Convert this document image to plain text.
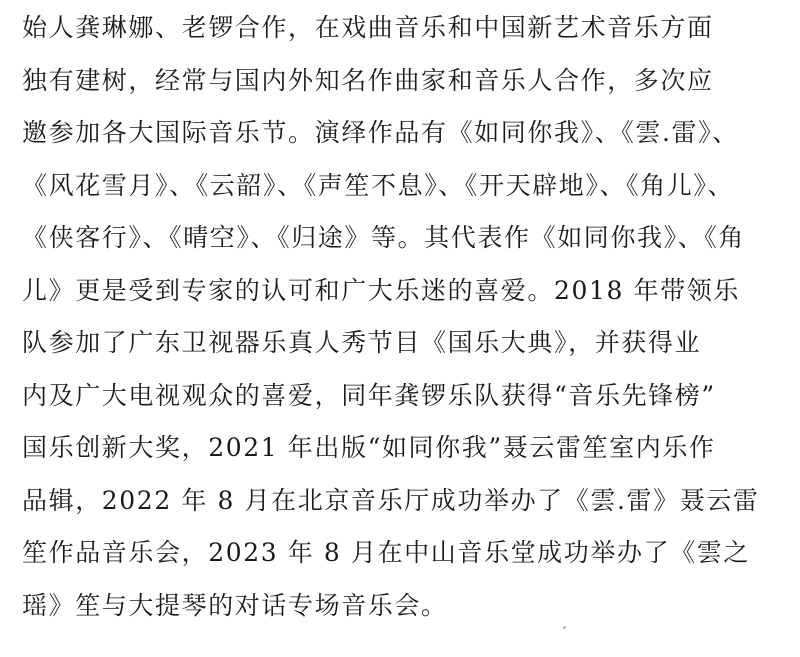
始人龚琳娜、老锣合作，在戏曲音乐和中国新艺术音乐方面
独有建树，经常与国内外知名作曲家和音乐人合作，多次应
邀参加各大国际音乐节。演绎作品有《如同你我》、《雲.雷》、
《风花雪月》、《云韶》、《声笙不息》、《开天辟地》、《角儿》、
《侠客行》、《晴空》、《归途》等。其代表作《如同你我》、《角
儿》更是受到专家的认可和广大乐迷的喜爱。2018 年带领乐
队参加了广东卫视器乐真人秀节目《国乐大典》，并获得业
内及广大电视观众的喜爱，同年龚锣乐队获得“音乐先锋榜”
国乐创新大奖，2021 年出版“如同你我”聂云雷笙室内乐作
品辑，2022 年 8 月在北京音乐厅成功举办了《雲.雷》聂云雷
笙作品音乐会，2023 年 8 月在中山音乐堂成功举办了《雲之
瑶》笙与大提琴的对话专场音乐会。
